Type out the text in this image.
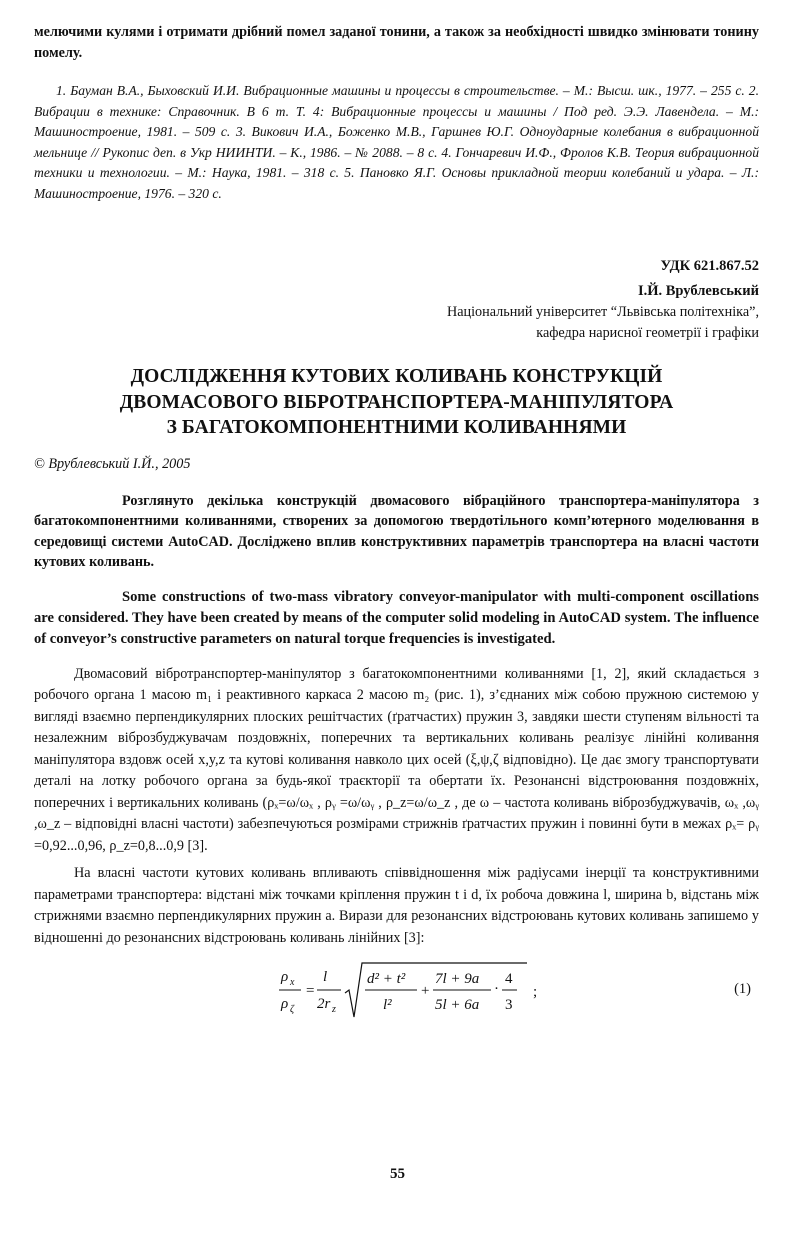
мелючими кулями і отримати дрібний помел заданої тонини, а також за необхідності швидко змінювати тонину помелу.

1. Бауман В.А., Быховский И.И. Вибрационные машины и процессы в строительстве. – М.: Высш. шк., 1977. – 255 с. 2. Вибрации в технике: Справочник. В 6 т. Т. 4: Вибрационные процессы и машины / Под ред. Э.Э. Лавендела. – М.: Машиностроение, 1981. – 509 с. 3. Викович И.А., Боженко М.В., Гаршнев Ю.Г. Одноударные колебания в вибрационной мельнице // Рукопис деп. в Укр НИИНТИ. – К., 1986. – № 2088. – 8 с. 4. Гончаревич И.Ф., Фролов К.В. Теория вибрационной техники и технологии. – М.: Наука, 1981. – 318 с. 5. Пановко Я.Г. Основы прикладной теории колебаний и удара. – Л.: Машиностроение, 1976. – 320 с.

УДК 621.867.52
І.Й. Врублевський
Національний університет “Львівська політехніка”,
кафедра нарисної геометрії і графіки
ДОСЛІДЖЕННЯ КУТОВИХ КОЛИВАНЬ КОНСТРУКЦІЙ
ДВОМАСОВОГО ВІБРОТРАНСПОРТЕРА-МАНІПУЛЯТОРА
З БАГАТОКОМПОНЕНТНИМИ КОЛИВАННЯМИ
© Врублевський І.Й., 2005

Розглянуто декілька конструкцій двомасового вібраційного транспортера-маніпулятора з багатокомпонентними коливаннями, створених за допомогою твердотільного комп’ютерного моделювання в середовищі системи AutoCAD. Досліджено вплив конструктивних параметрів транспортера на власні частоти кутових коливань.

Some constructions of two-mass vibratory conveyor-manipulator with multi-component oscillations are considered. They have been created by means of the computer solid modeling in AutoCAD system. The influence of conveyor’s constructive parameters on natural torque frequencies is investigated.

Двомасовий вібротранспортер-маніпулятор з багатокомпонентними коливаннями [1, 2], який складається з робочого органа 1 масою m₁ і реактивного каркаса 2 масою m₂ (рис. 1), з’єднаних між собою пружною системою у вигляді взаємно перпендикулярних плоских решітчастих (ґратчастих) пружин 3, завдяки шести ступеням вільності та незалежним віброзбуджувачам поздовжніх, поперечних та вертикальних коливань реалізує лінійні коливання маніпулятора вздовж осей x,y,z та кутові коливання навколо цих осей (ξ,ψ,ζ відповідно). Це дає змогу транспортувати деталі на лотку робочого органа за будь-якої траєкторії та обертати їх. Резонансні відстроювання поздовжніх, поперечних і вертикальних коливань (ρₓ=ω/ωₓ , ρᵧ =ω/ωᵧ , ρ_z=ω/ω_z , де ω – частота коливань віброзбуджувачів, ωₓ ,ωᵧ ,ω_z – відповідні власні частоти) забезпечуються розмірами стрижнів ґратчастих пружин і повинні бути в межах ρₓ= ρᵧ =0,92...0,96, ρ_z=0,8...0,9 [3].

На власні частоти кутових коливань впливають співвідношення між радіусами інерції та конструктивними параметрами транспортера: відстані між точками кріплення пружин t і d, їх робоча довжина l, ширина b, відстань між стрижнями взаємно перпендикулярних пружин a. Вирази для резонансних відстроювань кутових коливань запишемо у відношенні до резонансних відстроювань коливань лінійних [3]:

ρ x
ρ ζ
=
l
2r z
d² + t²
l²
+
7l + 9a
5l + 6a
·
4
3
;	(1)
55
